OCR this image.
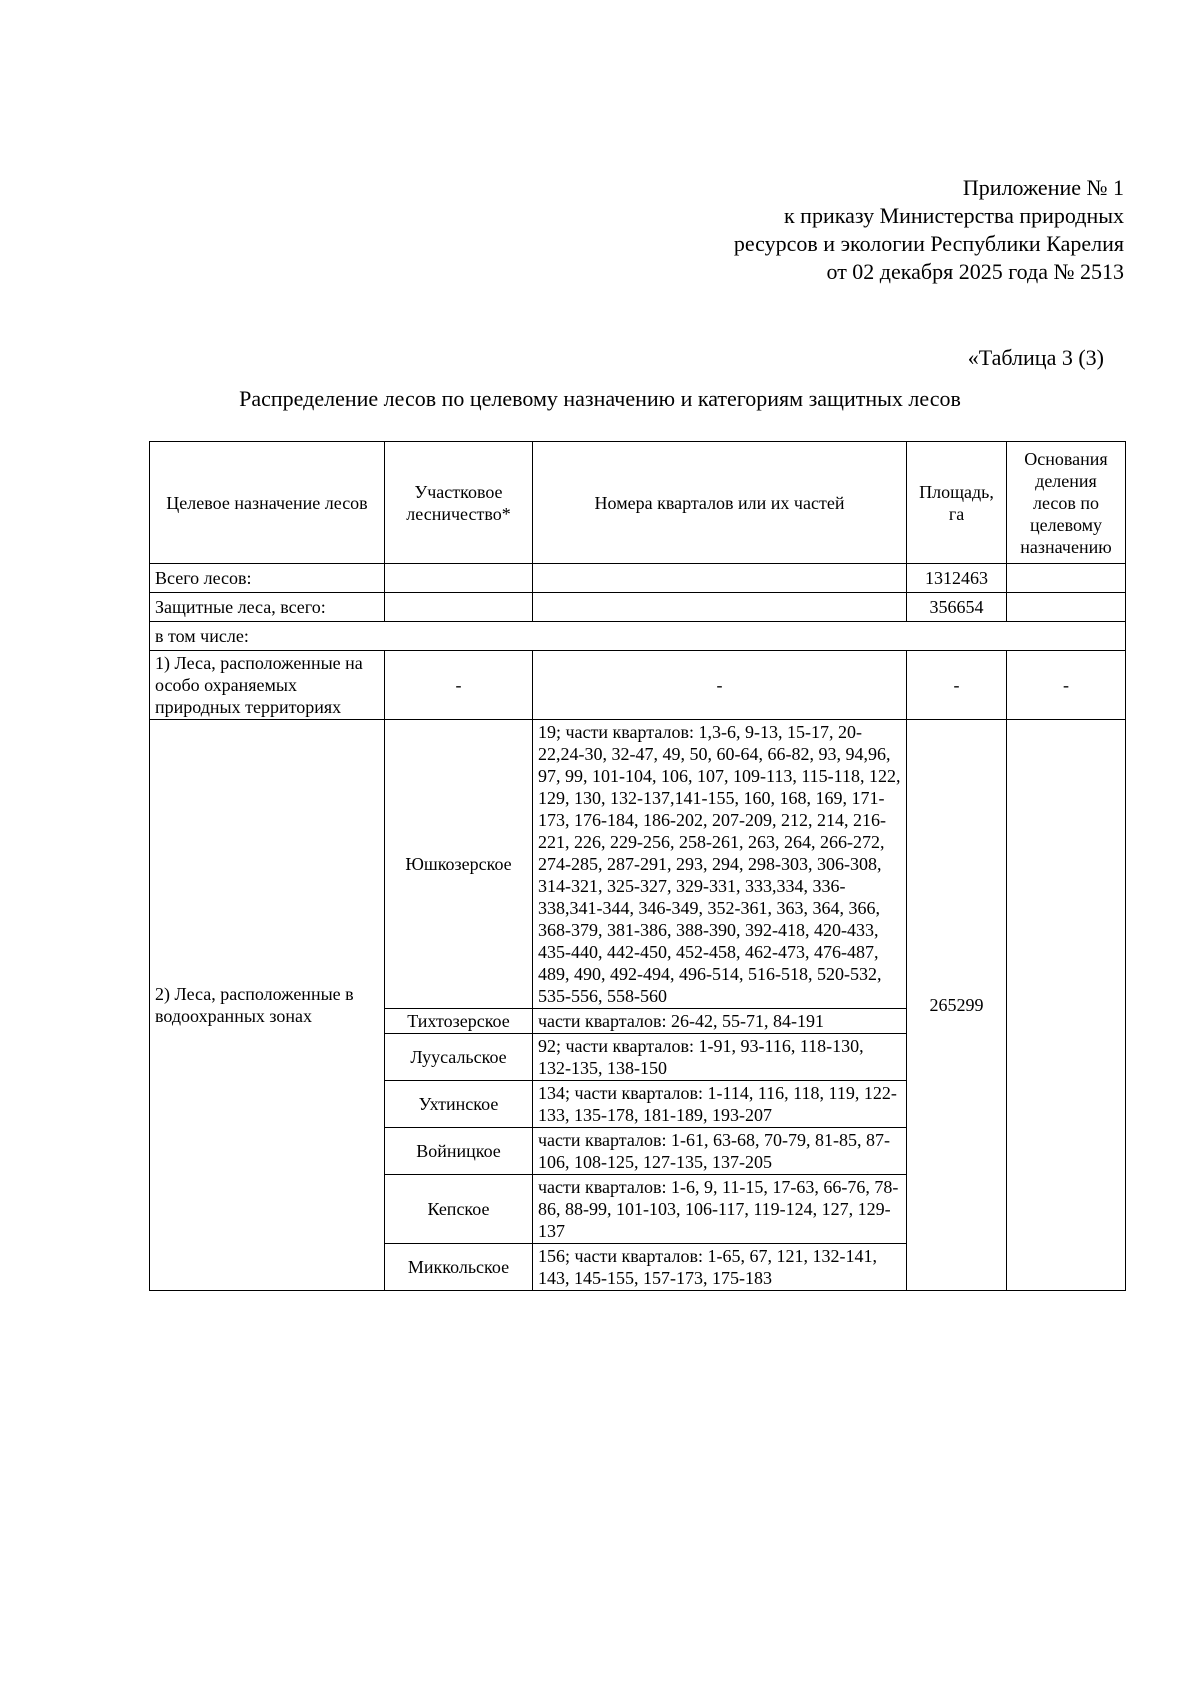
Приложение № 1
к приказу Министерства природных
ресурсов и экологии Республики Карелия
от 02 декабря 2025 года № 2513
«Таблица 3 (3)
Распределение лесов по целевому назначению и категориям защитных лесов
Целевое назначение лесов	Участковое лесничество*	Номера кварталов или их частей	Площадь, га	Основания деления лесов по целевому назначению
Всего лесов:			1312463	
Защитные леса, всего:			356654	
в том числе:				
1) Леса, расположенные на особо охраняемых природных территориях	-	-	-	-
2) Леса, расположенные в водоохранных зонах	Юшкозерское	19; части кварталов: 1,3-6, 9-13, 15-17, 20-22,24-30, 32-47, 49, 50, 60-64, 66-82, 93, 94,96, 97, 99, 101-104, 106, 107, 109-113, 115-118, 122, 129, 130, 132-137,141-155, 160, 168, 169, 171-173, 176-184, 186-202, 207-209, 212, 214, 216-221, 226, 229-256, 258-261, 263, 264, 266-272, 274-285, 287-291, 293, 294, 298-303, 306-308, 314-321, 325-327, 329-331, 333,334, 336-338,341-344, 346-349, 352-361, 363, 364, 366, 368-379, 381-386, 388-390, 392-418, 420-433, 435-440, 442-450, 452-458, 462-473, 476-487, 489, 490, 492-494, 496-514, 516-518, 520-532, 535-556, 558-560	265299	
	Тихтозерское	части кварталов: 26-42, 55-71, 84-191		
	Луусальское	92; части кварталов: 1-91, 93-116, 118-130, 132-135, 138-150		
	Ухтинское	134; части кварталов: 1-114, 116, 118, 119, 122-133, 135-178, 181-189, 193-207		
	Войницкое	части кварталов: 1-61, 63-68, 70-79, 81-85, 87-106, 108-125, 127-135, 137-205		
	Кепское	части кварталов: 1-6, 9, 11-15, 17-63, 66-76, 78-86, 88-99, 101-103, 106-117, 119-124, 127, 129-137		
	Миккольское	156; части кварталов: 1-65, 67, 121, 132-141, 143, 145-155, 157-173, 175-183		
